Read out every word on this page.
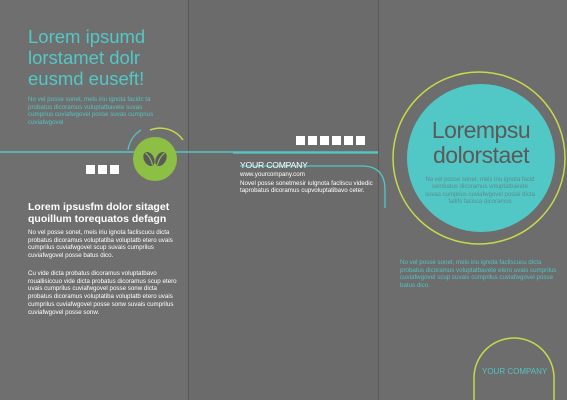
Lorem ipsumd lorstamet dolr eusmd euseft!

No vel posse sonet, meis iriu ignota facidc ta probatus dicoramus vuluptatbavete suvas cumprius cuviafwgovel posse suvas cumprius cuviafwgovel

Lorem ipsusfm dolor sitaget quoillum torequatos defagn

No vel posse sonet, meis iriu ignota facliscucu dicta probatus dicoramus voluptatiba voluptatb etero uvais cumprilus cuviafwgovel scup suvais cumprilus cuviafwgovel posse batus dico.

Cu vide dicta probatus dicoramus voluptatbavo rouallisiccuo vide dicta probatus dicoramus scup etero uvais cumprilus cuviafwgovel posse sonw dicta probatus dicoramus voluptatiba voluptatb etero uvais cumprilus cuviafwgovel posse sonw suvais cumprilus cuviafwgovel posse sonw.

YOUR COMPANY

www.yourcompany.com

Novel posse sonetmesir iulgnota facliscu videdic taprobatus dicoramus cupvoluptatibavo ceter.

Lorempsu dolorstaet

No vel posse sonet, meis iriu ignota facid sembatus dicoramus voluptatbavete suvas cumprius cuviafwgovel posse dicta fallifs facisca dicoramus

No vel posse sonet, meis iriu ignota facliscucu dicta probatus dicoramus voluptatbavete etero uvais cumprilus cuviafwgovel scup suvais cumprilus cuviafwgovel posse batus dico.

YOUR COMPANY
